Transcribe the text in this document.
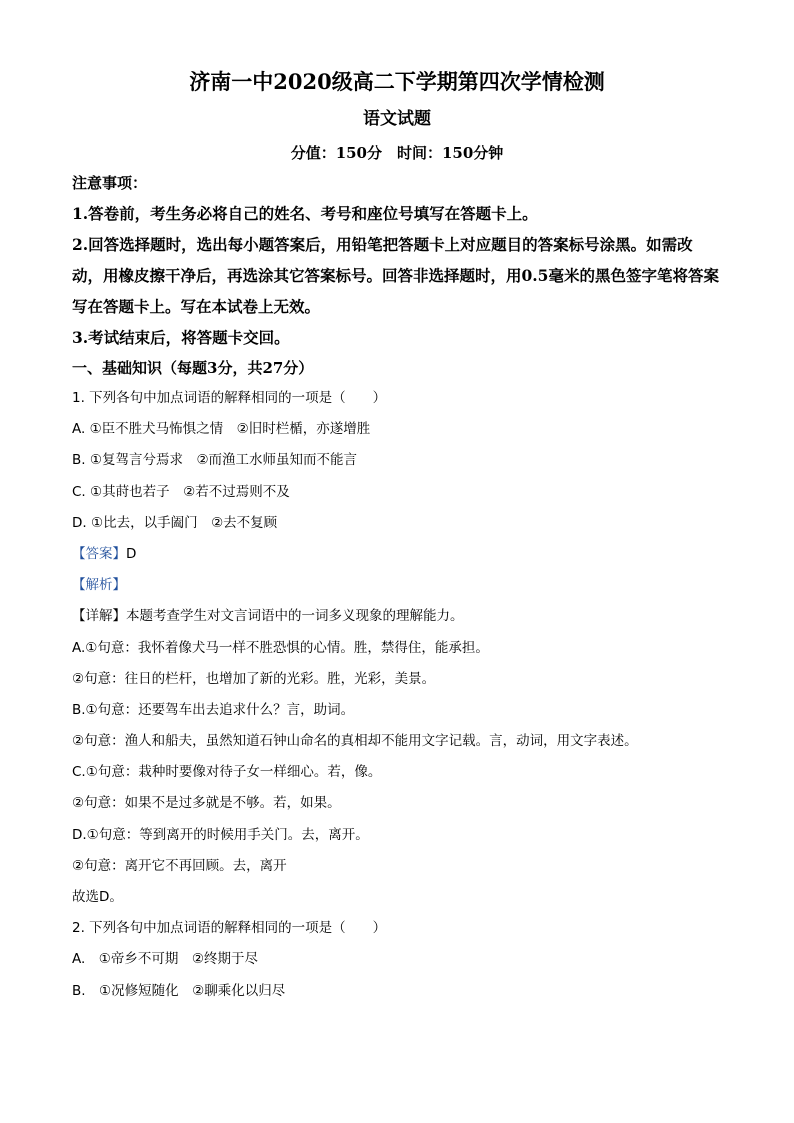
济南一中2020级高二下学期第四次学情检测
语文试题
分值：150分　时间：150分钟
注意事项：
1.答卷前，考生务必将自己的姓名、考号和座位号填写在答题卡上。
2.回答选择题时，选出每小题答案后，用铅笔把答题卡上对应题目的答案标号涂黑。如需改动，用橡皮擦干净后，再选涂其它答案标号。回答非选择题时，用0.5毫米的黑色签字笔将答案写在答题卡上。写在本试卷上无效。
3.考试结束后，将答题卡交回。
一、基础知识（每题3分，共27分）
1. 下列各句中加点词语的解释相同的一项是（　　）
A. ①臣不胜犬马怖惧之情　②旧时栏楯，亦遂增胜
B. ①复驾言兮焉求　②而渔工水师虽知而不能言
C. ①其莳也若子　②若不过焉则不及
D. ①比去，以手阖门　②去不复顾
【答案】D
【解析】
【详解】本题考查学生对文言词语中的一词多义现象的理解能力。
A.①句意：我怀着像犬马一样不胜恐惧的心情。胜，禁得住，能承担。
②句意：往日的栏杆，也增加了新的光彩。胜，光彩，美景。
B.①句意：还要驾车出去追求什么？言，助词。
②句意：渔人和船夫，虽然知道石钟山命名的真相却不能用文字记载。言，动词，用文字表述。
C.①句意：栽种时要像对待子女一样细心。若，像。
②句意：如果不是过多就是不够。若，如果。
D.①句意：等到离开的时候用手关门。去，离开。
②句意：离开它不再回顾。去，离开
故选D。
2. 下列各句中加点词语的解释相同的一项是（　　）
A.　①帝乡不可期　②终期于尽
B.　①况修短随化　②聊乘化以归尽
